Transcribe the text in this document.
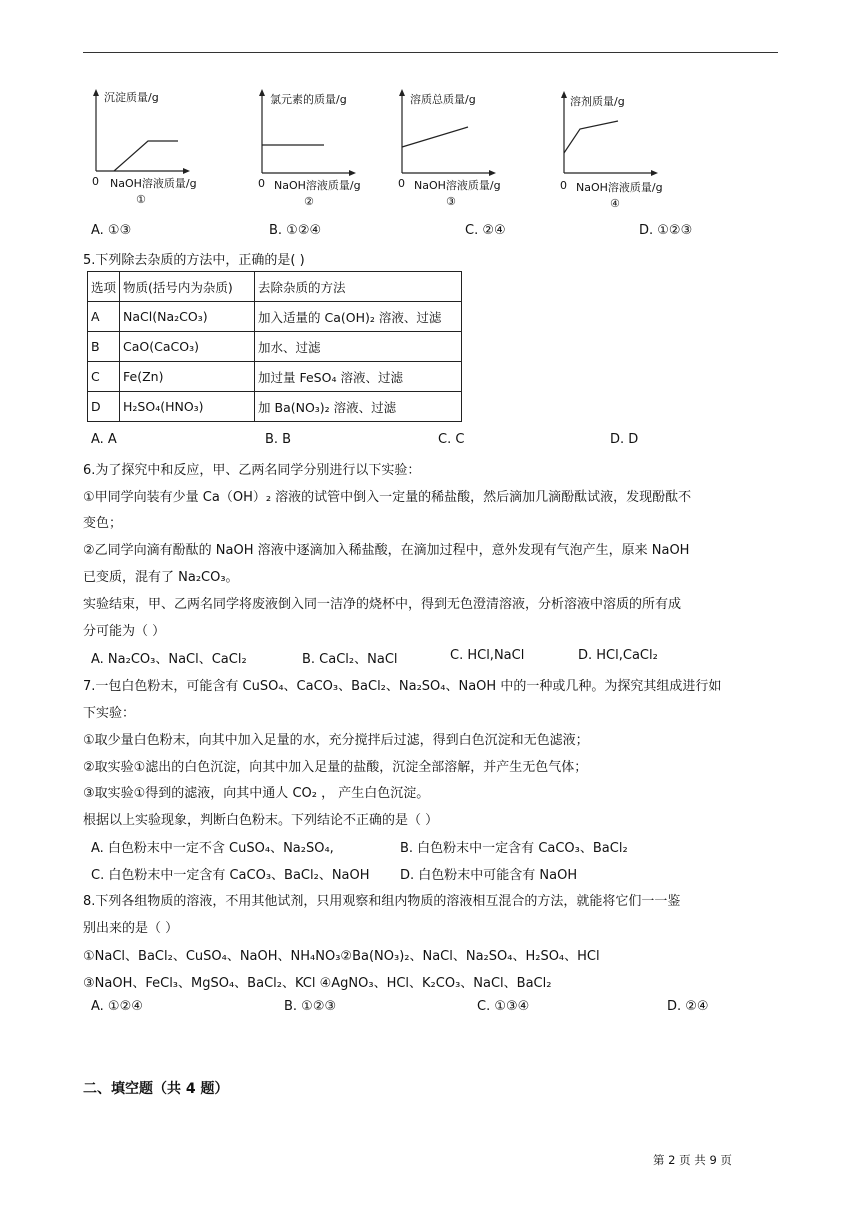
沉淀质量/g
0 NaOH溶液质量/g
①
氯元素的质量/g
0 NaOH溶液质量/g
②
溶质总质量/g
0 NaOH溶液质量/g
③
溶剂质量/g
0 NaOH溶液质量/g
④
A. ①③	B. ①②④	C. ②④	D. ①②③
5.下列除去杂质的方法中，正确的是( )
选项	物质(括号内为杂质)	去除杂质的方法
A	NaCl(Na₂CO₃)	加入适量的 Ca(OH)₂ 溶液、过滤
B	CaO(CaCO₃)	加水、过滤
C	Fe(Zn)	加过量 FeSO₄ 溶液、过滤
D	H₂SO₄(HNO₃)	加 Ba(NO₃)₂ 溶液、过滤
A. A	B. B	C. C	D. D
6.为了探究中和反应，甲、乙两名同学分别进行以下实验：
①甲同学向装有少量 Ca（OH）₂ 溶液的试管中倒入一定量的稀盐酸，然后滴加几滴酚酞试液，发现酚酞不
变色；
②乙同学向滴有酚酞的 NaOH 溶液中逐滴加入稀盐酸，在滴加过程中，意外发现有气泡产生，原来 NaOH
已变质，混有了 Na₂CO₃。
实验结束，甲、乙两名同学将废液倒入同一洁净的烧杯中，得到无色澄清溶液，分析溶液中溶质的所有成
分可能为（ ）
A. Na₂CO₃、NaCl、CaCl₂	B. CaCl₂、NaCl	C. HCl,NaCl	D. HCl,CaCl₂
7.一包白色粉末，可能含有 CuSO₄、CaCO₃、BaCl₂、Na₂SO₄、NaOH 中的一种或几种。为探究其组成进行如
下实验：
①取少量白色粉末，向其中加入足量的水，充分搅拌后过滤，得到白色沉淀和无色滤液；
②取实验①滤出的白色沉淀，向其中加入足量的盐酸，沉淀全部溶解，并产生无色气体；
③取实验①得到的滤液，向其中通人 CO₂ ， 产生白色沉淀。
根据以上实验现象，判断白色粉末。下列结论不正确的是（ ）
A. 白色粉末中一定不含 CuSO₄、Na₂SO₄,	B. 白色粉末中一定含有 CaCO₃、BaCl₂
C. 白色粉末中一定含有 CaCO₃、BaCl₂、NaOH D. 白色粉末中可能含有 NaOH
8.下列各组物质的溶液，不用其他试剂，只用观察和组内物质的溶液相互混合的方法，就能将它们一一鉴
别出来的是（ ）
①NaCl、BaCl₂、CuSO₄、NaOH、NH₄NO₃②Ba(NO₃)₂、NaCl、Na₂SO₄、H₂SO₄、HCl
③NaOH、FeCl₃、MgSO₄、BaCl₂、KCl ④AgNO₃、HCl、K₂CO₃、NaCl、BaCl₂
A. ①②④	B. ①②③	C. ①③④	D. ②④
二、填空题（共 4 题）
第 2 页 共 9 页
